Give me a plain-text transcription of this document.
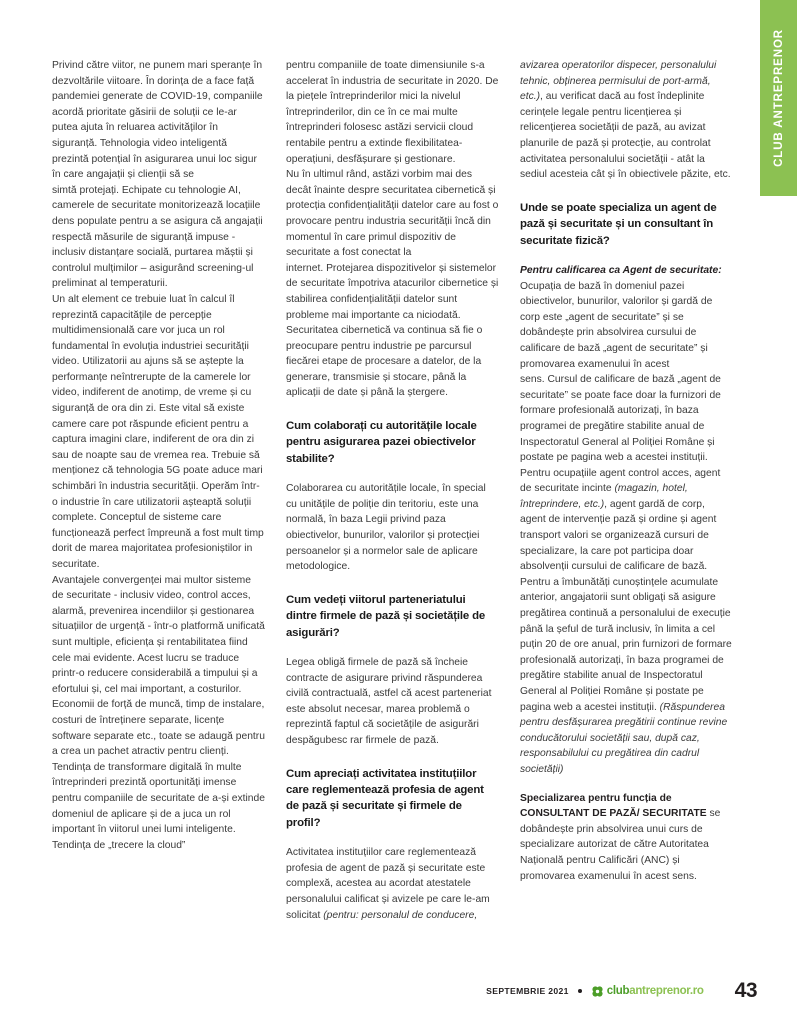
CLUB ANTREPRENOR

Privind către viitor, ne punem mari speranțe în dezvoltările viitoare. În dorința de a face față pandemiei generate de COVID-19, companiile acordă prioritate găsirii de soluții ce le-ar putea ajuta în reluarea activităților în siguranță. Tehnologia video inteligentă prezintă potențial în asigurarea unui loc sigur în care angajații și clienții să se

simtă protejați. Echipate cu tehnologie AI, camerele de securitate monitorizează locațiile dens populate pentru a se asigura că angajații respectă măsurile de siguranță impuse - inclusiv distanțare socială, purtarea măștii și controlul mulțimilor – asigurând screening-ul preliminat al temperaturii.

Un alt element ce trebuie luat în calcul îl reprezintă capacitățile de percepție multidimensională care vor juca un rol fundamental în evoluția industriei securității video. Utilizatorii au ajuns să se aștepte la performanțe neîntrerupte de la camerele lor video, indiferent de anotimp, de vreme și cu siguranță de ora din zi. Este vital să existe camere care pot răspunde eficient pentru a captura imagini clare, indiferent de ora din zi sau de noapte sau de vremea rea. Trebuie să menționez că tehnologia 5G poate aduce mari schimbări în industria securității. Operăm într-o industrie în care utilizatorii așteaptă soluții complete. Conceptul de sisteme care funcționează perfect împreună a fost mult timp dorit de marea majoritatea profesioniștilor in securitate.

Avantajele convergenței mai multor sisteme de securitate - inclusiv video, control acces, alarmă, prevenirea incendiilor și gestionarea situațiilor de urgență - într-o platformă unificată sunt multiple, eficiența și rentabilitatea fiind cele mai evidente. Acest lucru se traduce printr-o reducere considerabilă a timpului și a efortului și, cel mai important, a costurilor. Economii de forță de muncă, timp de instalare, costuri de întreținere separate, licențe software separate etc., toate se adaugă pentru a crea un pachet atractiv pentru clienți.

Tendința de transformare digitală în multe întreprinderi prezintă oportunități imense pentru companiile de securitate de a-și extinde domeniul de aplicare și de a juca un rol important în viitorul unei lumi inteligente. Tendința de „trecere la cloud”

pentru companiile de toate dimensiunile s-a accelerat în industria de securitate in 2020. De la piețele întreprinderilor mici la nivelul întreprinderilor, din ce în ce mai multe întreprinderi folosesc astăzi servicii cloud rentabile pentru a extinde flexibilitatea-operațiuni, desfășurare și gestionare.

Nu în ultimul rând, astăzi vorbim mai des decât înainte despre securitatea cibernetică și protecția confidențialității datelor care au fost o provocare pentru industria securității încă din momentul în care primul dispozitiv de securitate a fost conectat la

internet. Protejarea dispozitivelor și sistemelor de securitate împotriva atacurilor cibernetice și stabilirea confidențialității datelor sunt probleme mai importante ca niciodată. Securitatea cibernetică va continua să fie o preocupare pentru industrie pe parcursul fiecărei etape de procesare a datelor, de la generare, transmisie și stocare, până la aplicații de date și până la ștergere.

Cum colaborați cu autoritățile locale pentru asigurarea pazei obiectivelor stabilite?

Colaborarea cu autoritățile locale, în special cu unitățile de poliție din teritoriu, este una normală, în baza Legii privind paza obiectivelor, bunurilor, valorilor și protecției persoanelor și a normelor sale de aplicare metodologice.

Cum vedeți viitorul parteneriatului dintre firmele de pază și societățile de asigurări?

Legea obligă firmele de pază să încheie contracte de asigurare privind răspunderea civilă contractuală, astfel că acest parteneriat este absolut necesar, marea problemă o reprezintă faptul că societățile de asigurări despăgubesc rar firmele de pază.

Cum apreciați activitatea instituțiilor care reglementează profesia de agent de pază și securitate și firmele de profil?

Activitatea instituțiilor care reglementează profesia de agent de pază și securitate este complexă, acestea au acordat atestatele personalului calificat și avizele pe care le-am solicitat (pentru: personalul de conducere,

avizarea operatorilor dispecer, personalului tehnic, obținerea permisului de port-armă, etc.), au verificat dacă au fost îndeplinite cerințele legale pentru licențierea și relicențierea societății de pază, au avizat planurile de pază și protecție, au controlat activitatea personalului societății - atât la sediul acesteia cât și în obiectivele păzite, etc.

Unde se poate specializa un agent de pază și securitate și un consultant în securitate fizică?

Pentru calificarea ca Agent de securitate: Ocupația de bază în domeniul pazei obiectivelor, bunurilor, valorilor și gardă de corp este „agent de securitate” și se dobândește prin absolvirea cursului de calificare de bază „agent de securitate” și promovarea examenului în acest

sens. Cursul de calificare de bază „agent de securitate” se poate face doar la furnizori de formare profesională autorizați, în baza programei de pregătire stabilite anual de Inspectoratul General al Poliției Române și postate pe pagina web a acestei instituții. Pentru ocupațiile agent control acces, agent de securitate incinte (magazin, hotel, întreprindere, etc.), agent gardă de corp, agent de intervenție pază și ordine și agent transport valori se organizează cursuri de specializare, la care pot participa doar absolvenții cursului de calificare de bază. Pentru a îmbunătăți cunoștințele acumulate anterior, angajatorii sunt obligați să asigure pregătirea continuă a personalului de execuție până la șeful de tură inclusiv, în limita a cel puțin 20 de ore anual, prin furnizori de formare profesională autorizați, în baza programei de pregătire stabilite anual de Inspectoratul General al Poliției Române și postate pe pagina web a acestei instituții. (Răspunderea pentru desfășurarea pregătirii continue revine conducătorului societății sau, după caz, responsabilului cu pregătirea din cadrul societății)

Specializarea pentru funcția de CONSULTANT DE PAZĂ/ SECURITATE se dobândește prin absolvirea unui curs de specializare autorizat de către Autoritatea Națională pentru Calificări (ANC) și promovarea examenului în acest sens.

SEPTEMBRIE 2021	clubantreprenor.ro 43
